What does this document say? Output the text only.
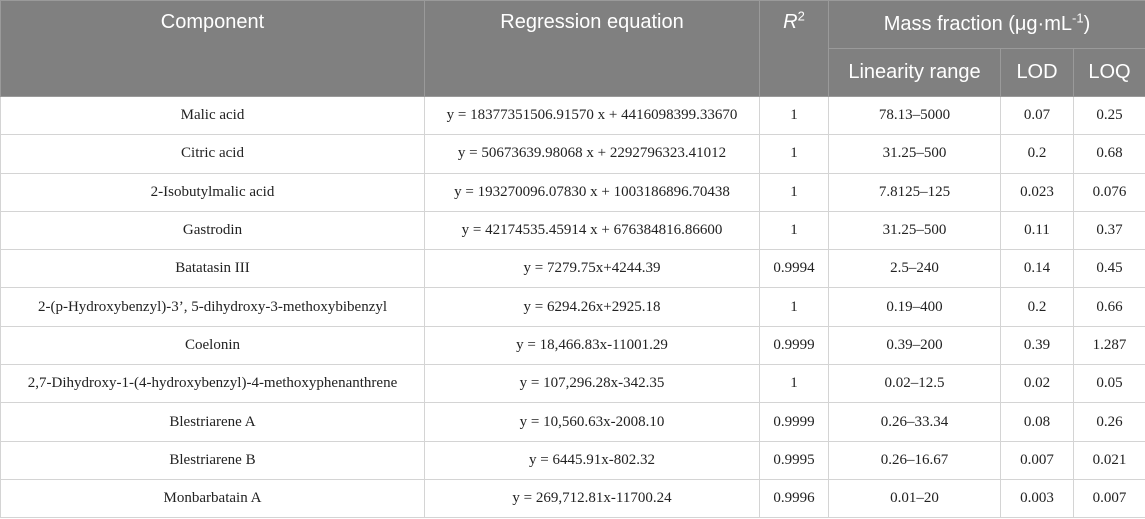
Component	Regression equation	$R^2$	Mass fraction $(\mu g\cdot mL^{-1})$		
			Linearity range	LOD	LOQ
Malic acid	y = 18377351506.91570 x + 4416098399.33670	1	78.13–5000	0.07	0.25
Citric acid	y = 50673639.98068 x + 2292796323.41012	1	31.25–500	0.2	0.68
2-Isobutylmalic acid	y = 193270096.07830 x + 1003186896.70438	1	7.8125–125	0.023	0.076
Gastrodin	y = 42174535.45914 x + 676384816.86600	1	31.25–500	0.11	0.37
Batatasin III	y = 7279.75x+4244.39	0.9994	2.5–240	0.14	0.45
2-(p-Hydroxybenzyl)-3’, 5-dihydroxy-3-methoxybibenzyl	y = 6294.26x+2925.18	1	0.19–400	0.2	0.66
Coelonin	y = 18,466.83x-11001.29	0.9999	0.39–200	0.39	1.287
2,7-Dihydroxy-1-(4-hydroxybenzyl)-4-methoxyphenanthrene	y = 107,296.28x-342.35	1	0.02–12.5	0.02	0.05
Blestriarene A	y = 10,560.63x-2008.10	0.9999	0.26–33.34	0.08	0.26
Blestriarene B	y = 6445.91x-802.32	0.9995	0.26–16.67	0.007	0.021
Monbarbatain A	y = 269,712.81x-11700.24	0.9996	0.01–20	0.003	0.007
